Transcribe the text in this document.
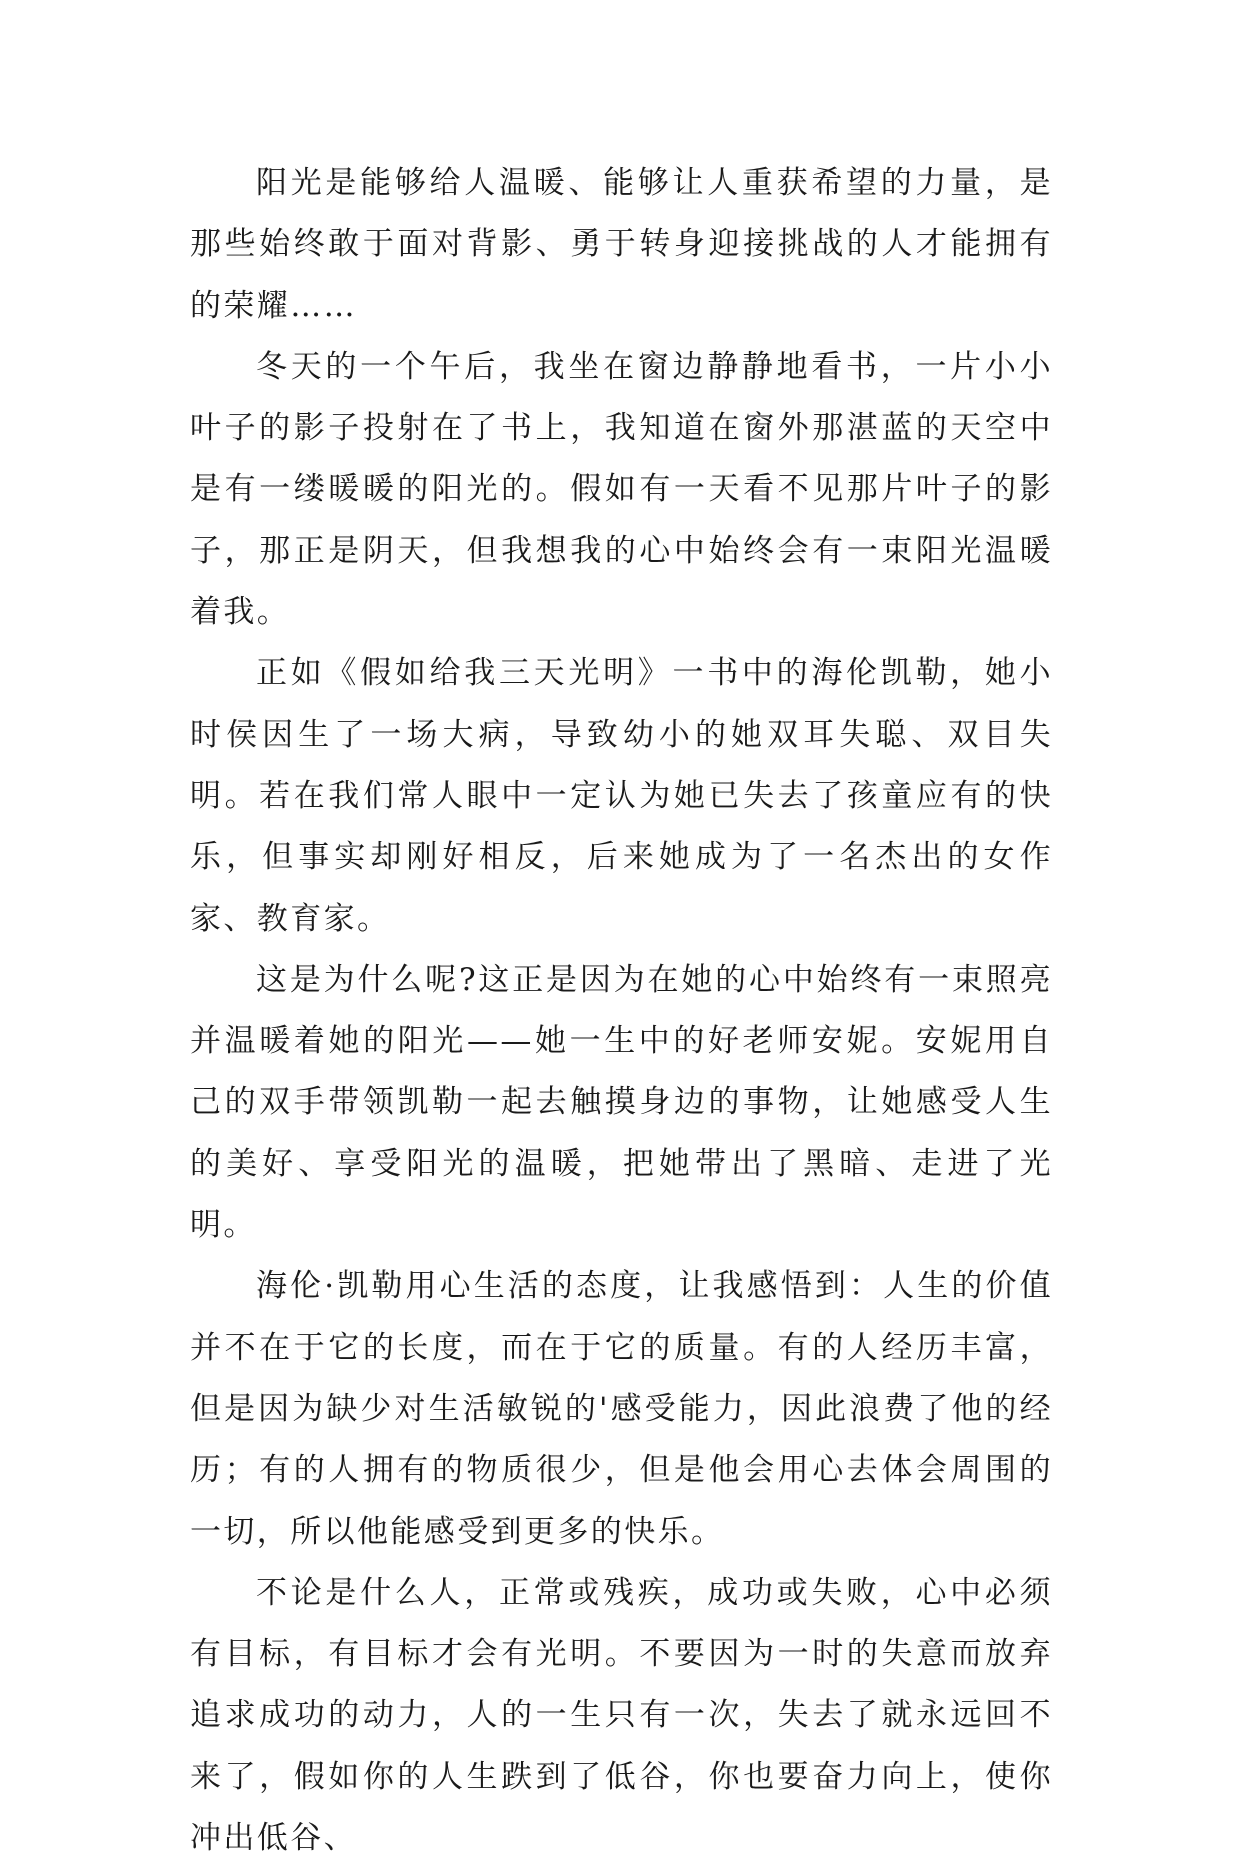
阳光是能够给人温暖、能够让人重获希望的力量，是那些始终敢于面对背影、勇于转身迎接挑战的人才能拥有的荣耀……

冬天的一个午后，我坐在窗边静静地看书，一片小小叶子的影子投射在了书上，我知道在窗外那湛蓝的天空中是有一缕暖暖的阳光的。假如有一天看不见那片叶子的影子，那正是阴天，但我想我的心中始终会有一束阳光温暖着我。

正如《假如给我三天光明》一书中的海伦凯勒，她小时侯因生了一场大病，导致幼小的她双耳失聪、双目失明。若在我们常人眼中一定认为她已失去了孩童应有的快乐，但事实却刚好相反，后来她成为了一名杰出的女作家、教育家。

这是为什么呢?这正是因为在她的心中始终有一束照亮并温暖着她的阳光——她一生中的好老师安妮。安妮用自己的双手带领凯勒一起去触摸身边的事物，让她感受人生的美好、享受阳光的温暖，把她带出了黑暗、走进了光明。

海伦·凯勒用心生活的态度，让我感悟到：人生的价值并不在于它的长度，而在于它的质量。有的人经历丰富，但是因为缺少对生活敏锐的'感受能力，因此浪费了他的经历；有的人拥有的物质很少，但是他会用心去体会周围的一切，所以他能感受到更多的快乐。

不论是什么人，正常或残疾，成功或失败，心中必须有目标，有目标才会有光明。不要因为一时的失意而放弃追求成功的动力，人的一生只有一次，失去了就永远回不来了，假如你的人生跌到了低谷，你也要奋力向上，使你冲出低谷、
